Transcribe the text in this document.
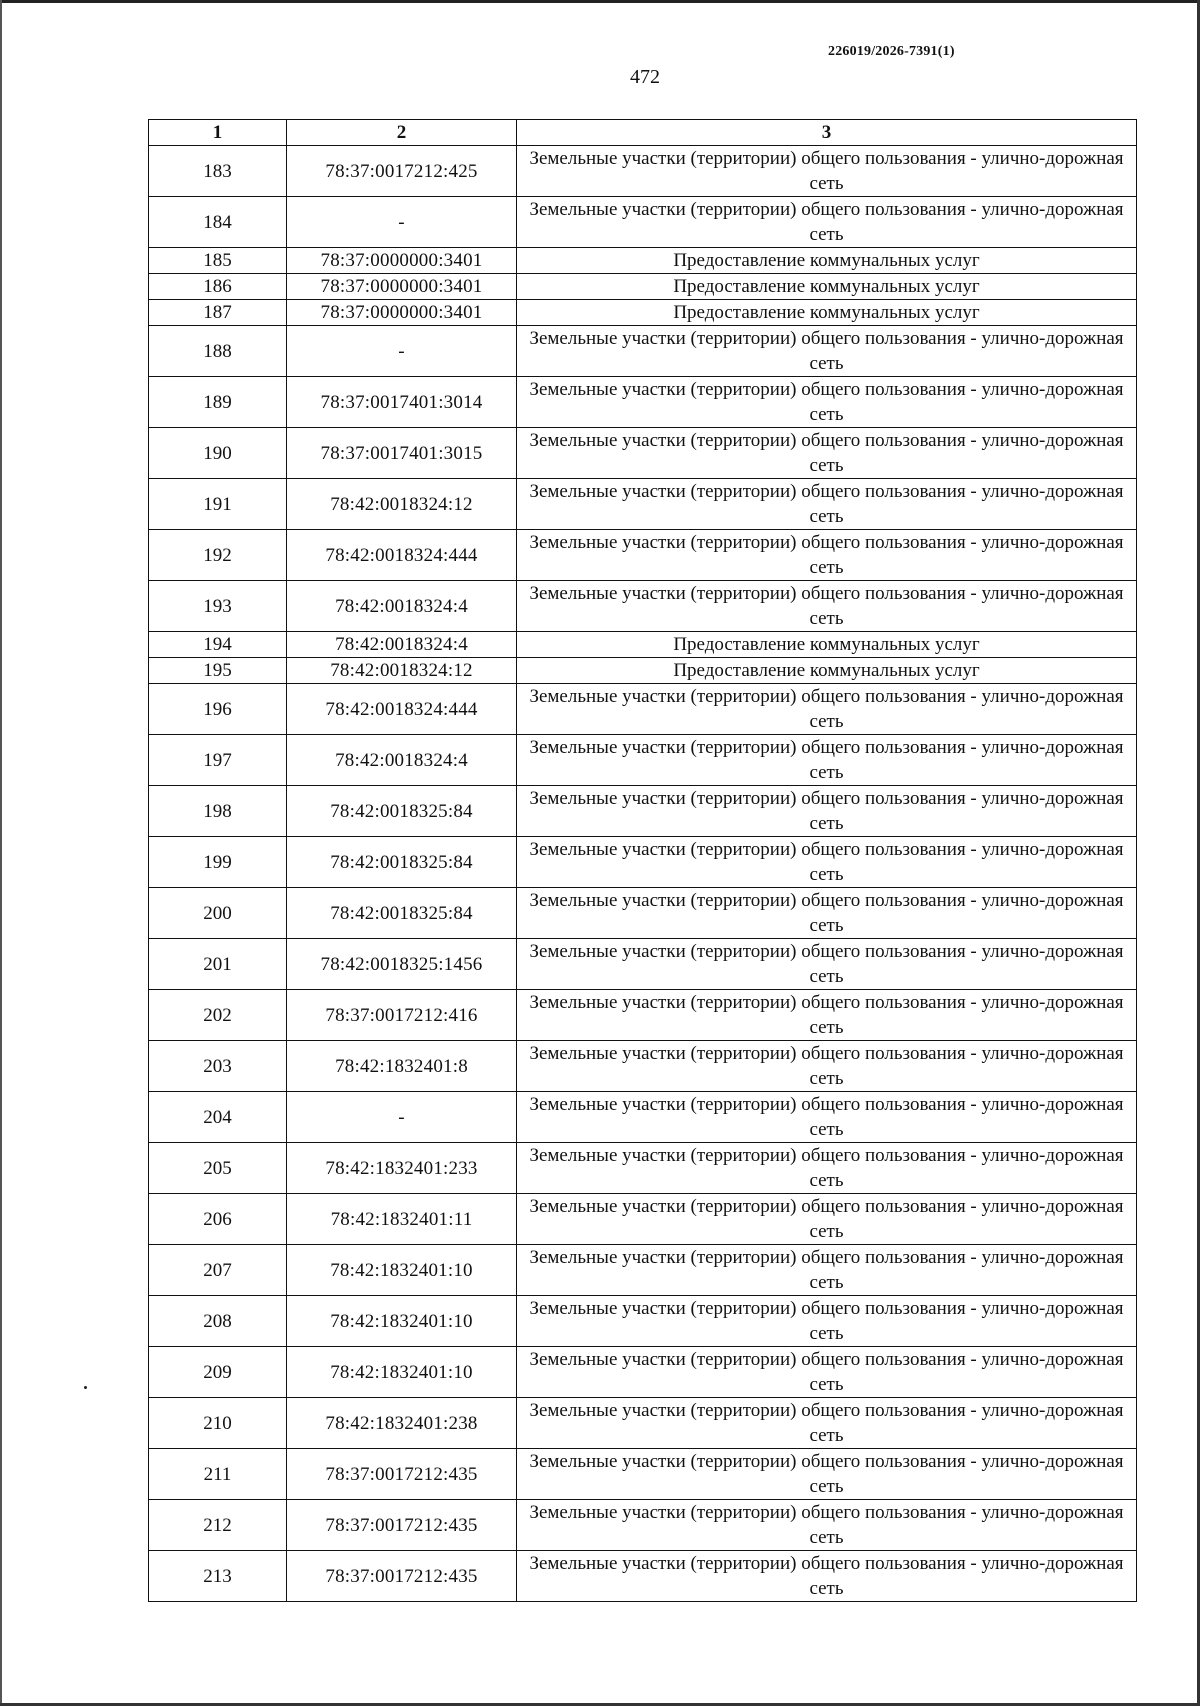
226019/2026-7391(1)
472
1	2	3
183	78:37:0017212:425	Земельные участки (территории) общего пользования - улично-дорожная сеть
184	-	Земельные участки (территории) общего пользования - улично-дорожная сеть
185	78:37:0000000:3401	Предоставление коммунальных услуг
186	78:37:0000000:3401	Предоставление коммунальных услуг
187	78:37:0000000:3401	Предоставление коммунальных услуг
188	-	Земельные участки (территории) общего пользования - улично-дорожная сеть
189	78:37:0017401:3014	Земельные участки (территории) общего пользования - улично-дорожная сеть
190	78:37:0017401:3015	Земельные участки (территории) общего пользования - улично-дорожная сеть
191	78:42:0018324:12	Земельные участки (территории) общего пользования - улично-дорожная сеть
192	78:42:0018324:444	Земельные участки (территории) общего пользования - улично-дорожная сеть
193	78:42:0018324:4	Земельные участки (территории) общего пользования - улично-дорожная сеть
194	78:42:0018324:4	Предоставление коммунальных услуг
195	78:42:0018324:12	Предоставление коммунальных услуг
196	78:42:0018324:444	Земельные участки (территории) общего пользования - улично-дорожная сеть
197	78:42:0018324:4	Земельные участки (территории) общего пользования - улично-дорожная сеть
198	78:42:0018325:84	Земельные участки (территории) общего пользования - улично-дорожная сеть
199	78:42:0018325:84	Земельные участки (территории) общего пользования - улично-дорожная сеть
200	78:42:0018325:84	Земельные участки (территории) общего пользования - улично-дорожная сеть
201	78:42:0018325:1456	Земельные участки (территории) общего пользования - улично-дорожная сеть
202	78:37:0017212:416	Земельные участки (территории) общего пользования - улично-дорожная сеть
203	78:42:1832401:8	Земельные участки (территории) общего пользования - улично-дорожная сеть
204	-	Земельные участки (территории) общего пользования - улично-дорожная сеть
205	78:42:1832401:233	Земельные участки (территории) общего пользования - улично-дорожная сеть
206	78:42:1832401:11	Земельные участки (территории) общего пользования - улично-дорожная сеть
207	78:42:1832401:10	Земельные участки (территории) общего пользования - улично-дорожная сеть
208	78:42:1832401:10	Земельные участки (территории) общего пользования - улично-дорожная сеть
209	78:42:1832401:10	Земельные участки (территории) общего пользования - улично-дорожная сеть
210	78:42:1832401:238	Земельные участки (территории) общего пользования - улично-дорожная сеть
211	78:37:0017212:435	Земельные участки (территории) общего пользования - улично-дорожная сеть
212	78:37:0017212:435	Земельные участки (территории) общего пользования - улично-дорожная сеть
213	78:37:0017212:435	Земельные участки (территории) общего пользования - улично-дорожная сеть
